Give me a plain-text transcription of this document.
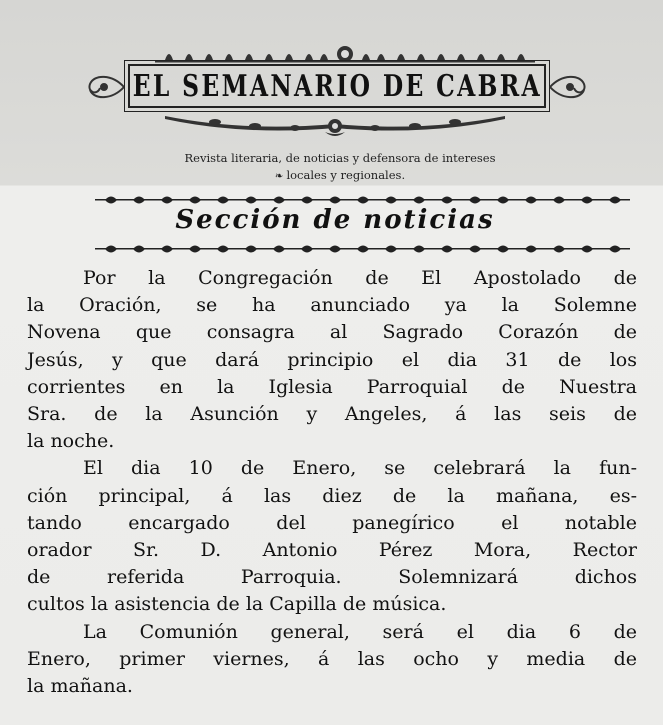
EL SEMANARIO DE CABRA
Revista literaria, de noticias y defensora de intereses
❧ locales y regionales.
Sección de noticias

Por la Congregación de El Apostolado de
la Oración, se ha anunciado ya la Solemne
Novena que consagra al Sagrado Corazón de
Jesús, y que dará principio el dia 31 de los
corrientes en la Iglesia Parroquial de Nuestra
Sra. de la Asunción y Angeles, á las seis de
la noche.

El dia 10 de Enero, se celebrará la fun-
ción principal, á las diez de la mañana, es-
tando encargado del panegírico el notable
orador Sr. D. Antonio Pérez Mora, Rector
de referida Parroquia. Solemnizará dichos
cultos la asistencia de la Capilla de música.

La Comunión general, será el dia 6 de
Enero, primer viernes, á las ocho y media de
la mañana.
